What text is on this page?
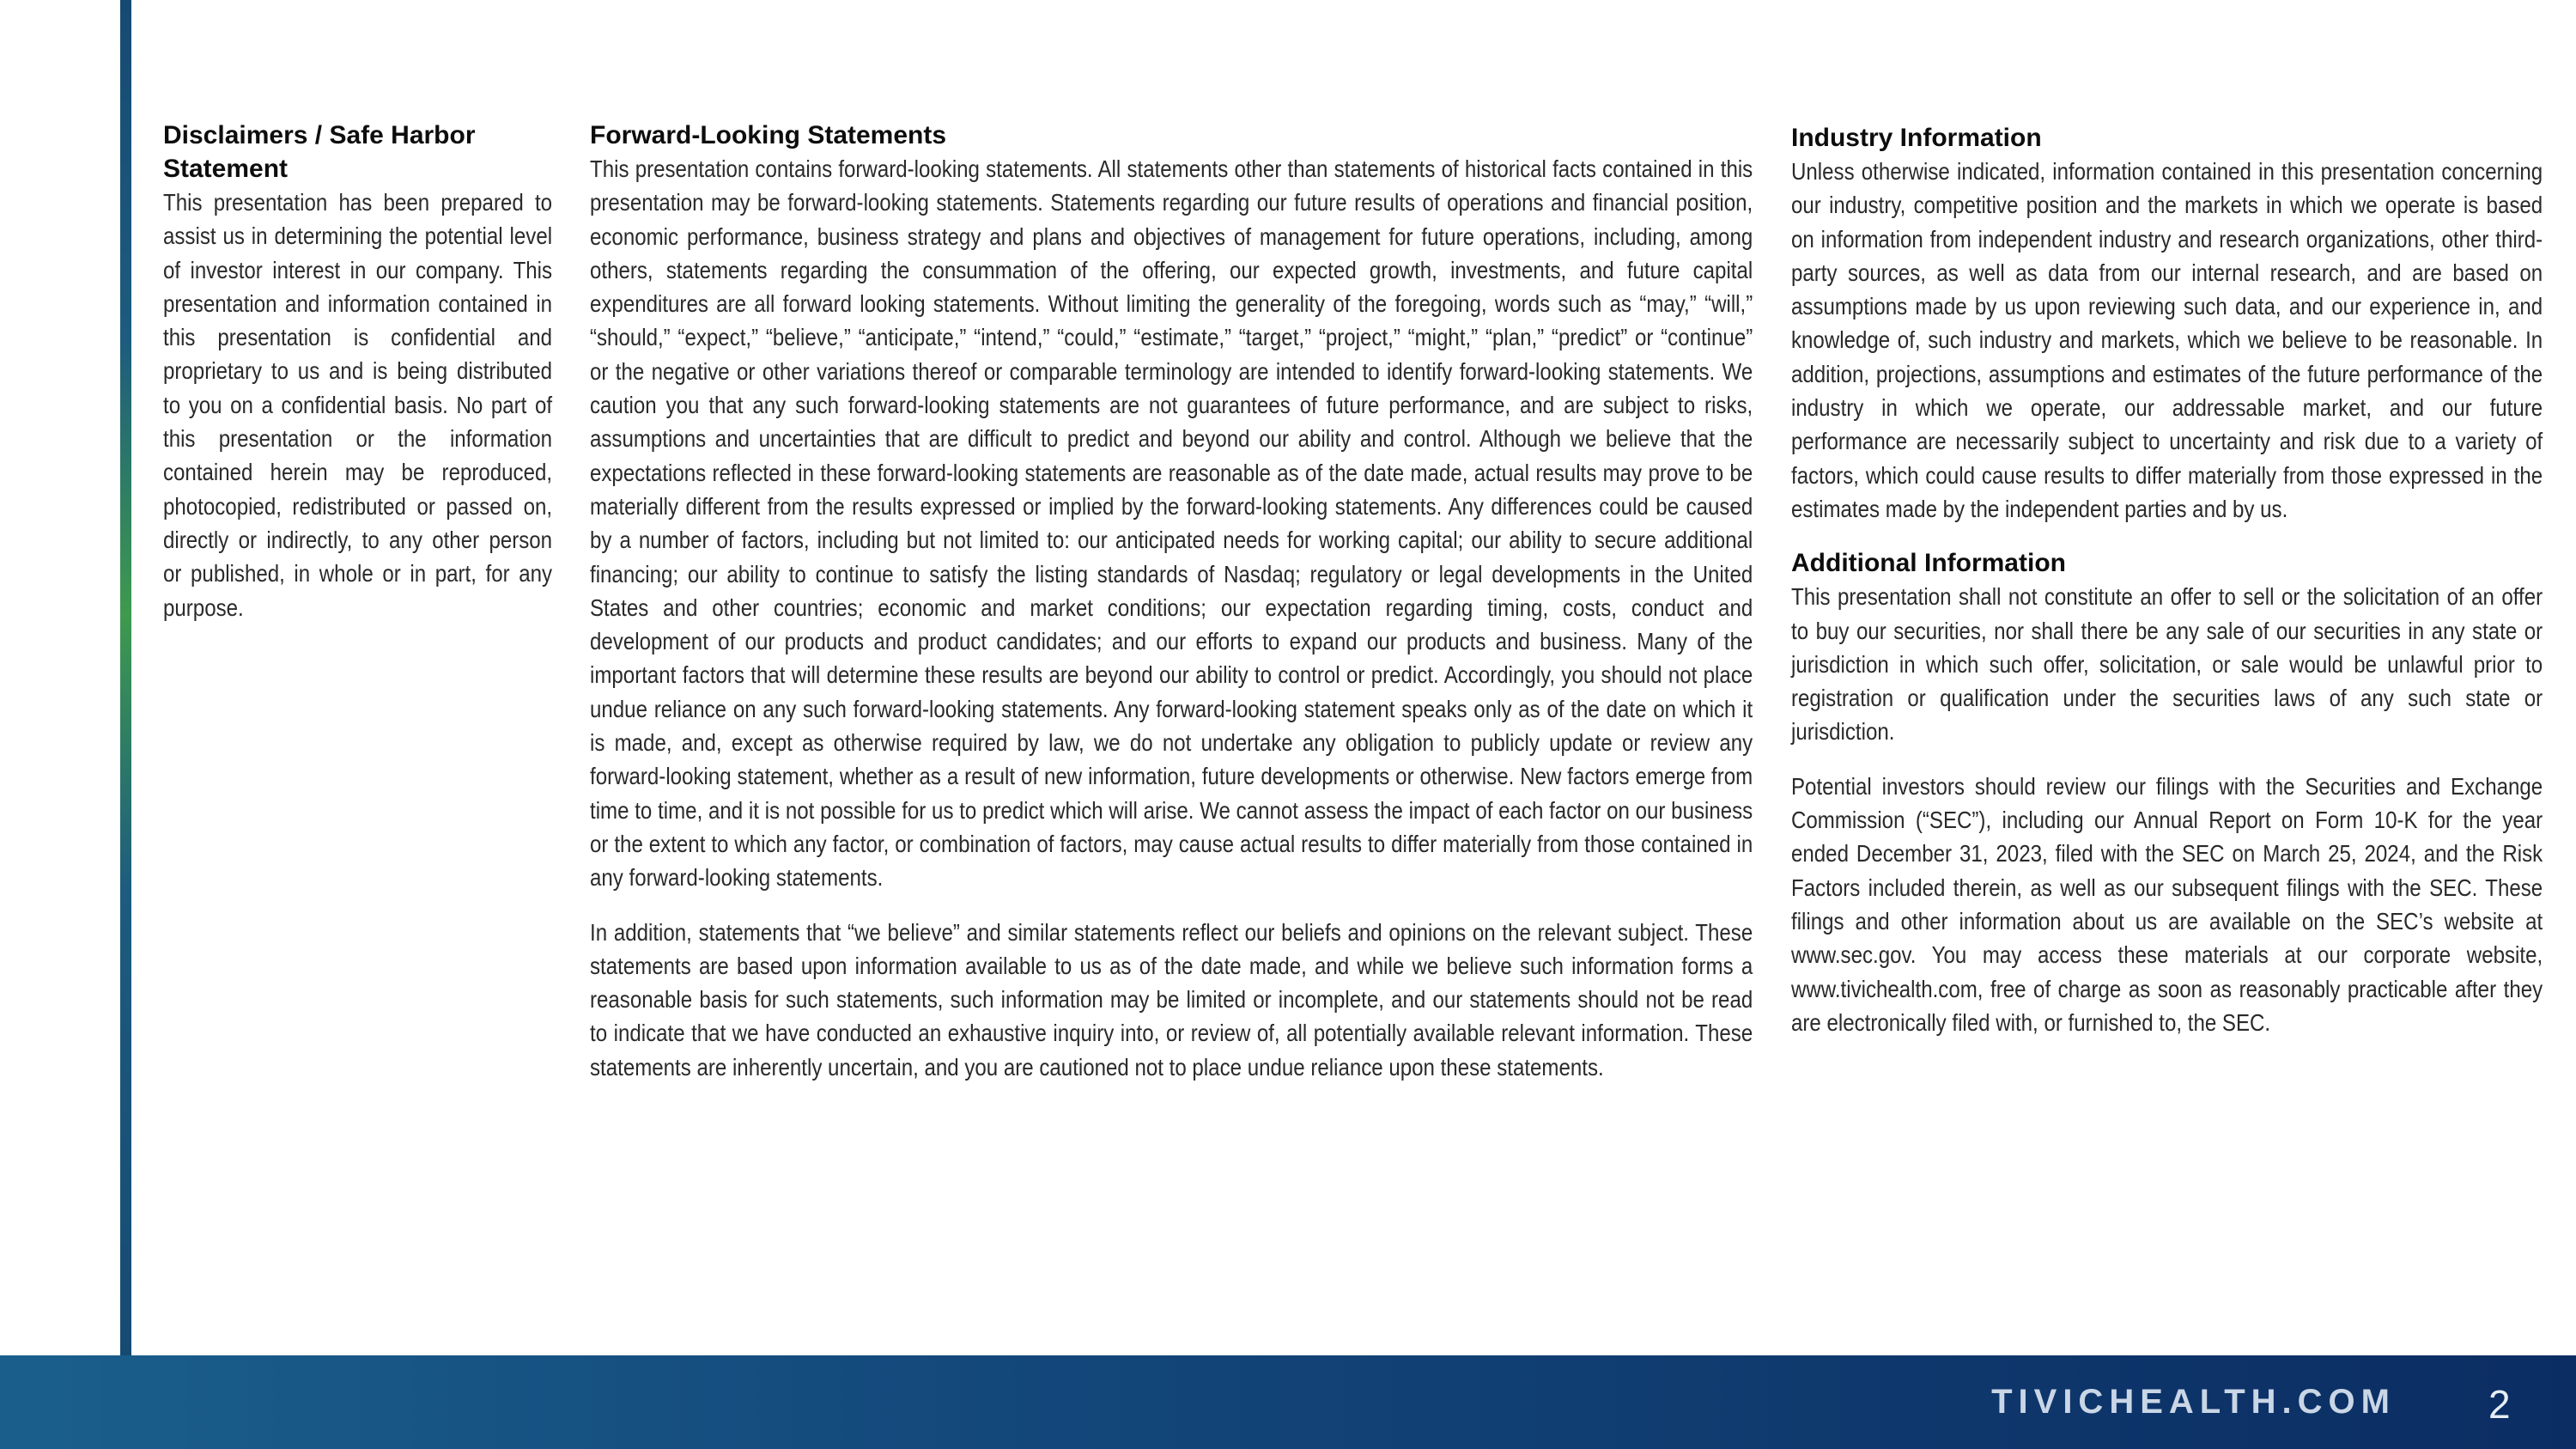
Disclaimers / Safe Harbor Statement

This presentation has been prepared to assist us in determining the potential level of investor interest in our company. This presentation and information contained in this presentation is confidential and proprietary to us and is being distributed to you on a confidential basis. No part of this presentation or the information contained herein may be reproduced, photocopied, redistributed or passed on, directly or indirectly, to any other person or published, in whole or in part, for any purpose.

Forward-Looking Statements

This presentation contains forward-looking statements. All statements other than statements of historical facts contained in this presentation may be forward-looking statements. Statements regarding our future results of operations and financial position, economic performance, business strategy and plans and objectives of management for future operations, including, among others, statements regarding the consummation of the offering, our expected growth, investments, and future capital expenditures are all forward looking statements. Without limiting the generality of the foregoing, words such as “may,” “will,” “should,” “expect,” “believe,” “anticipate,” “intend,” “could,” “estimate,” “target,” “project,” “might,” “plan,” “predict” or “continue” or the negative or other variations thereof or comparable terminology are intended to identify forward-looking statements. We caution you that any such forward-looking statements are not guarantees of future performance, and are subject to risks, assumptions and uncertainties that are difficult to predict and beyond our ability and control. Although we believe that the expectations reflected in these forward-looking statements are reasonable as of the date made, actual results may prove to be materially different from the results expressed or implied by the forward-looking statements. Any differences could be caused by a number of factors, including but not limited to: our anticipated needs for working capital; our ability to secure additional financing; our ability to continue to satisfy the listing standards of Nasdaq; regulatory or legal developments in the United States and other countries; economic and market conditions; our expectation regarding timing, costs, conduct and development of our products and product candidates; and our efforts to expand our products and business. Many of the important factors that will determine these results are beyond our ability to control or predict. Accordingly, you should not place undue reliance on any such forward-looking statements. Any forward-looking statement speaks only as of the date on which it is made, and, except as otherwise required by law, we do not undertake any obligation to publicly update or review any forward-looking statement, whether as a result of new information, future developments or otherwise. New factors emerge from time to time, and it is not possible for us to predict which will arise. We cannot assess the impact of each factor on our business or the extent to which any factor, or combination of factors, may cause actual results to differ materially from those contained in any forward-looking statements.

In addition, statements that “we believe” and similar statements reflect our beliefs and opinions on the relevant subject. These statements are based upon information available to us as of the date made, and while we believe such information forms a reasonable basis for such statements, such information may be limited or incomplete, and our statements should not be read to indicate that we have conducted an exhaustive inquiry into, or review of, all potentially available relevant information. These statements are inherently uncertain, and you are cautioned not to place undue reliance upon these statements.

Industry Information

Unless otherwise indicated, information contained in this presentation concerning our industry, competitive position and the markets in which we operate is based on information from independent industry and research organizations, other third-party sources, as well as data from our internal research, and are based on assumptions made by us upon reviewing such data, and our experience in, and knowledge of, such industry and markets, which we believe to be reasonable. In addition, projections, assumptions and estimates of the future performance of the industry in which we operate, our addressable market, and our future performance are necessarily subject to uncertainty and risk due to a variety of factors, which could cause results to differ materially from those expressed in the estimates made by the independent parties and by us.

Additional Information

This presentation shall not constitute an offer to sell or the solicitation of an offer to buy our securities, nor shall there be any sale of our securities in any state or jurisdiction in which such offer, solicitation, or sale would be unlawful prior to registration or qualification under the securities laws of any such state or jurisdiction.

Potential investors should review our filings with the Securities and Exchange Commission (“SEC”), including our Annual Report on Form 10-K for the year ended December 31, 2023, filed with the SEC on March 25, 2024, and the Risk Factors included therein, as well as our subsequent filings with the SEC. These filings and other information about us are available on the SEC’s website at www.sec.gov. You may access these materials at our corporate website, www.tivichealth.com, free of charge as soon as reasonably practicable after they are electronically filed with, or furnished to, the SEC.

TIVICHEALTH.COM 2
